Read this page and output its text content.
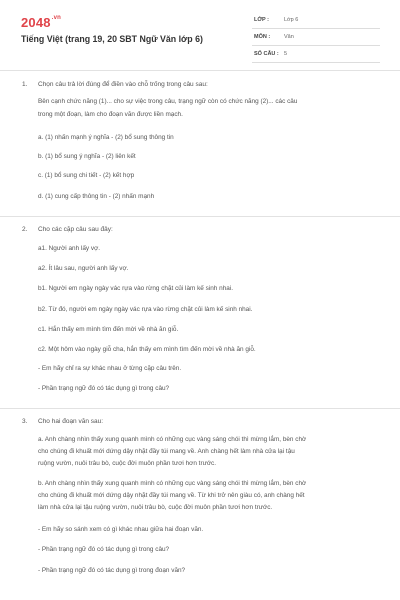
$2048^{.vn}$
Tiếng Việt (trang 19, 20 SBT Ngữ Văn lớp 6)
LỚP :	Lớp 6
MÔN :	Văn
SỐ CÂU : 5
1. Chọn câu trả lời đúng để điền vào chỗ trống trong câu sau:
Bên cạnh chức năng (1)... cho sự việc trong câu, trạng ngữ còn có chức năng (2)... các câu
trong một đoạn, làm cho đoạn văn được liền mạch.
a. (1) nhấn mạnh ý nghĩa - (2) bổ sung thông tin
b. (1) bổ sung ý nghĩa - (2) liên kết
c. (1) bổ sung chi tiết - (2) kết hợp
d. (1) cung cấp thông tin - (2) nhấn mạnh
2. Cho các cặp câu sau đây:
a1. Người anh lấy vợ.
a2. Ít lâu sau, người anh lấy vợ.
b1. Người em ngày ngày vác rựa vào rừng chặt củi làm kế sinh nhai.
b2. Từ đó, người em ngày ngày vác rựa vào rừng chặt củi làm kế sinh nhai.
c1. Hắn thấy em mình tìm đến mời về nhà ăn giỗ.
c2. Một hôm vào ngày giỗ cha, hắn thấy em mình tìm đến mời về nhà ăn giỗ.
- Em hãy chỉ ra sự khác nhau ở từng cặp câu trên.
- Phần trạng ngữ đó có tác dụng gì trong câu?
3. Cho hai đoạn văn sau:
a. Anh chàng nhìn thấy xung quanh mình có những cục vàng sáng chói thì mừng lắm, bèn chờ
cho chúng đi khuất mới dứng dậy nhặt đầy túi mang về. Anh chàng hết làm nhà cửa lại tậu
ruộng vườn, nuôi trâu bò, cuộc đời muôn phần tươi hơn trước.
b. Anh chàng nhìn thấy xung quanh mình có những cục vàng sáng chói thì mừng lắm, bèn chờ
cho chúng đi khuất mới dứng dậy nhặt đầy túi mang về. Từ khi trở nên giàu có, anh chàng hết
làm nhà cửa lại tậu ruộng vườn, nuôi trâu bò, cuộc đời muôn phần tươi hơn trước.
- Em hãy so sánh xem có gì khác nhau giữa hai đoạn văn.
- Phần trạng ngữ đó có tác dụng gì trong câu?
- Phần trạng ngữ đó có tác dụng gì trong đoạn văn?
